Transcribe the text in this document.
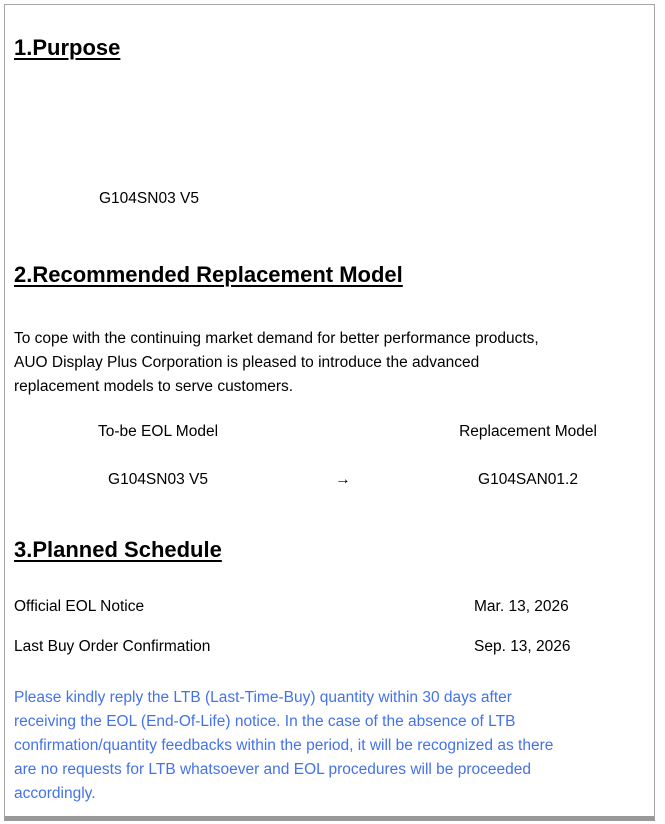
1.Purpose
G104SN03 V5
2.Recommended Replacement Model
To cope with the continuing market demand for better performance products,
AUO Display Plus Corporation is pleased to introduce the advanced
replacement models to serve customers.
To-be EOL Model	Replacement Model
G104SN03 V5	→	G104SAN01.2
3.Planned Schedule
Official EOL Notice	Mar. 13, 2026
Last Buy Order Confirmation	Sep. 13, 2026
Please kindly reply the LTB (Last-Time-Buy) quantity within 30 days after
receiving the EOL (End-Of-Life) notice. In the case of the absence of LTB
confirmation/quantity feedbacks within the period, it will be recognized as there
are no requests for LTB whatsoever and EOL procedures will be proceeded
accordingly.
